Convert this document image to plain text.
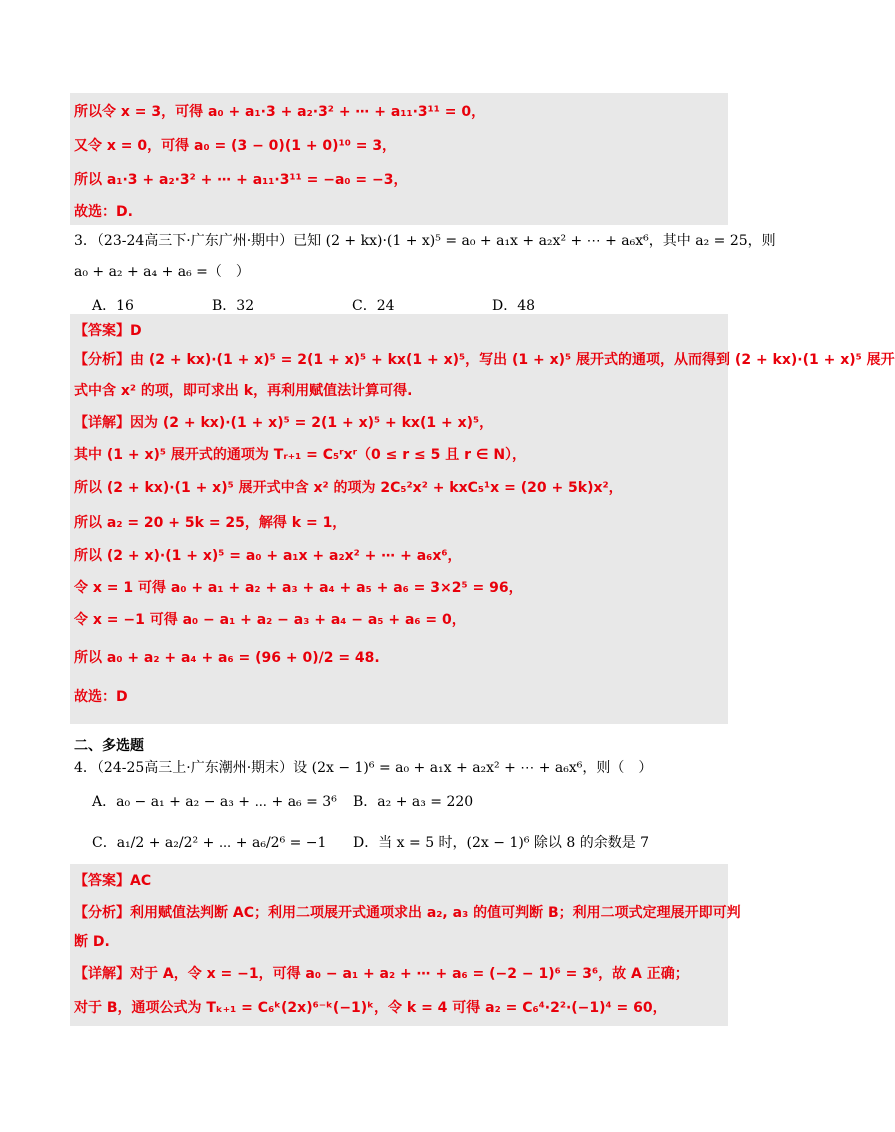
所以令 x = 3，可得 a₀ + a₁·3 + a₂·3² + ⋯ + a₁₁·3¹¹ = 0，
又令 x = 0，可得 a₀ = (3 − 0)(1 + 0)¹⁰ = 3，
所以 a₁·3 + a₂·3² + ⋯ + a₁₁·3¹¹ = −a₀ = −3，
故选：D.
3．（23-24高三下·广东广州·期中）已知 (2 + kx)·(1 + x)⁵ = a₀ + a₁x + a₂x² + ⋯ + a₆x⁶，其中 a₂ = 25，则
a₀ + a₂ + a₄ + a₆ =（　）
A．16	B．32	C．24	D．48
【答案】D
【分析】由 (2 + kx)·(1 + x)⁵ = 2(1 + x)⁵ + kx(1 + x)⁵，写出 (1 + x)⁵ 展开式的通项，从而得到 (2 + kx)·(1 + x)⁵ 展开
式中含 x² 的项，即可求出 k，再利用赋值法计算可得.
【详解】因为 (2 + kx)·(1 + x)⁵ = 2(1 + x)⁵ + kx(1 + x)⁵，
其中 (1 + x)⁵ 展开式的通项为 Tᵣ₊₁ = C₅ʳxʳ（0 ≤ r ≤ 5 且 r ∈ N），
所以 (2 + kx)·(1 + x)⁵ 展开式中含 x² 的项为 2C₅²x² + kxC₅¹x = (20 + 5k)x²，
所以 a₂ = 20 + 5k = 25，解得 k = 1，
所以 (2 + x)·(1 + x)⁵ = a₀ + a₁x + a₂x² + ⋯ + a₆x⁶，
令 x = 1 可得 a₀ + a₁ + a₂ + a₃ + a₄ + a₅ + a₆ = 3×2⁵ = 96，
令 x = −1 可得 a₀ − a₁ + a₂ − a₃ + a₄ − a₅ + a₆ = 0，
所以 a₀ + a₂ + a₄ + a₆ = (96 + 0)/2 = 48.
故选：D
二、多选题
4．（24-25高三上·广东潮州·期末）设 (2x − 1)⁶ = a₀ + a₁x + a₂x² + ⋯ + a₆x⁶，则（　）
A．a₀ − a₁ + a₂ − a₃ + ⋯ + a₆ = 3⁶ B．a₂ + a₃ = 220
C．a₁/2 + a₂/2² + ⋯ + a₆/2⁶ = −1 D．当 x = 5 时，(2x − 1)⁶ 除以 8 的余数是 7
【答案】AC
【分析】利用赋值法判断 AC；利用二项展开式通项求出 a₂, a₃ 的值可判断 B；利用二项式定理展开即可判
断 D.
【详解】对于 A，令 x = −1，可得 a₀ − a₁ + a₂ + ⋯ + a₆ = (−2 − 1)⁶ = 3⁶，故 A 正确；
对于 B，通项公式为 Tₖ₊₁ = C₆ᵏ(2x)⁶⁻ᵏ(−1)ᵏ，令 k = 4 可得 a₂ = C₆⁴·2²·(−1)⁴ = 60，
